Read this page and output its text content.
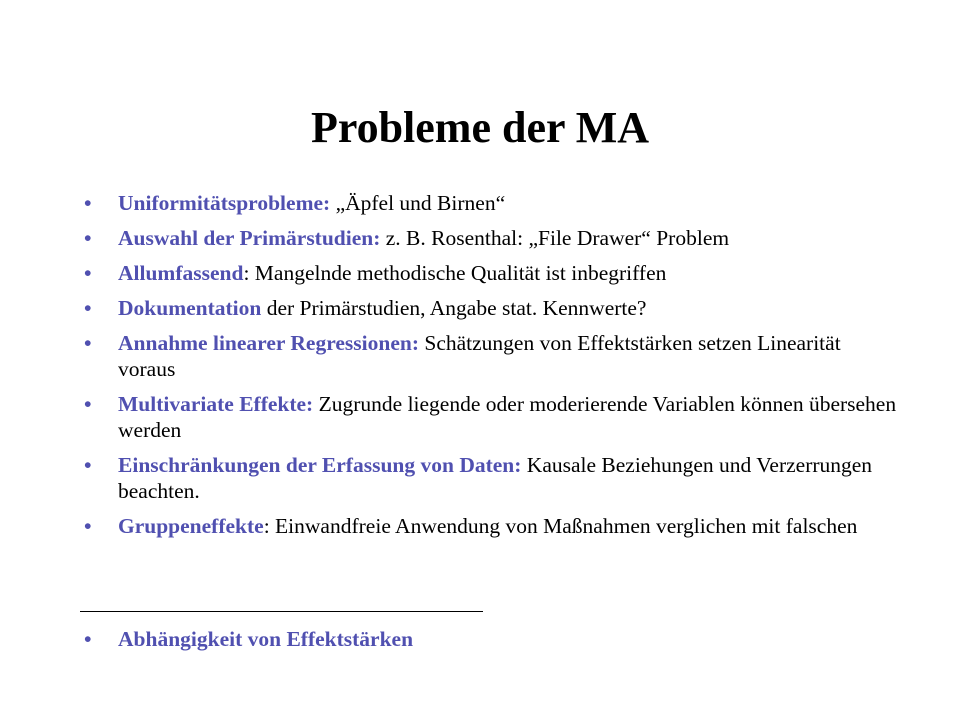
Probleme der MA
• Uniformitätsprobleme: „Äpfel und Birnen“
• Auswahl der Primärstudien: z. B. Rosenthal: „File Drawer“ Problem
• Allumfassend: Mangelnde methodische Qualität ist inbegriffen
• Dokumentation der Primärstudien, Angabe stat. Kennwerte?
• Annahme linearer Regressionen: Schätzungen von Effektstärken setzen Linearität voraus
• Multivariate Effekte: Zugrunde liegende oder moderierende Variablen können übersehen werden
• Einschränkungen der Erfassung von Daten: Kausale Beziehungen und Verzerrungen beachten.
• Gruppeneffekte: Einwandfreie Anwendung von Maßnahmen verglichen mit falschen
• Abhängigkeit von Effektstärken
